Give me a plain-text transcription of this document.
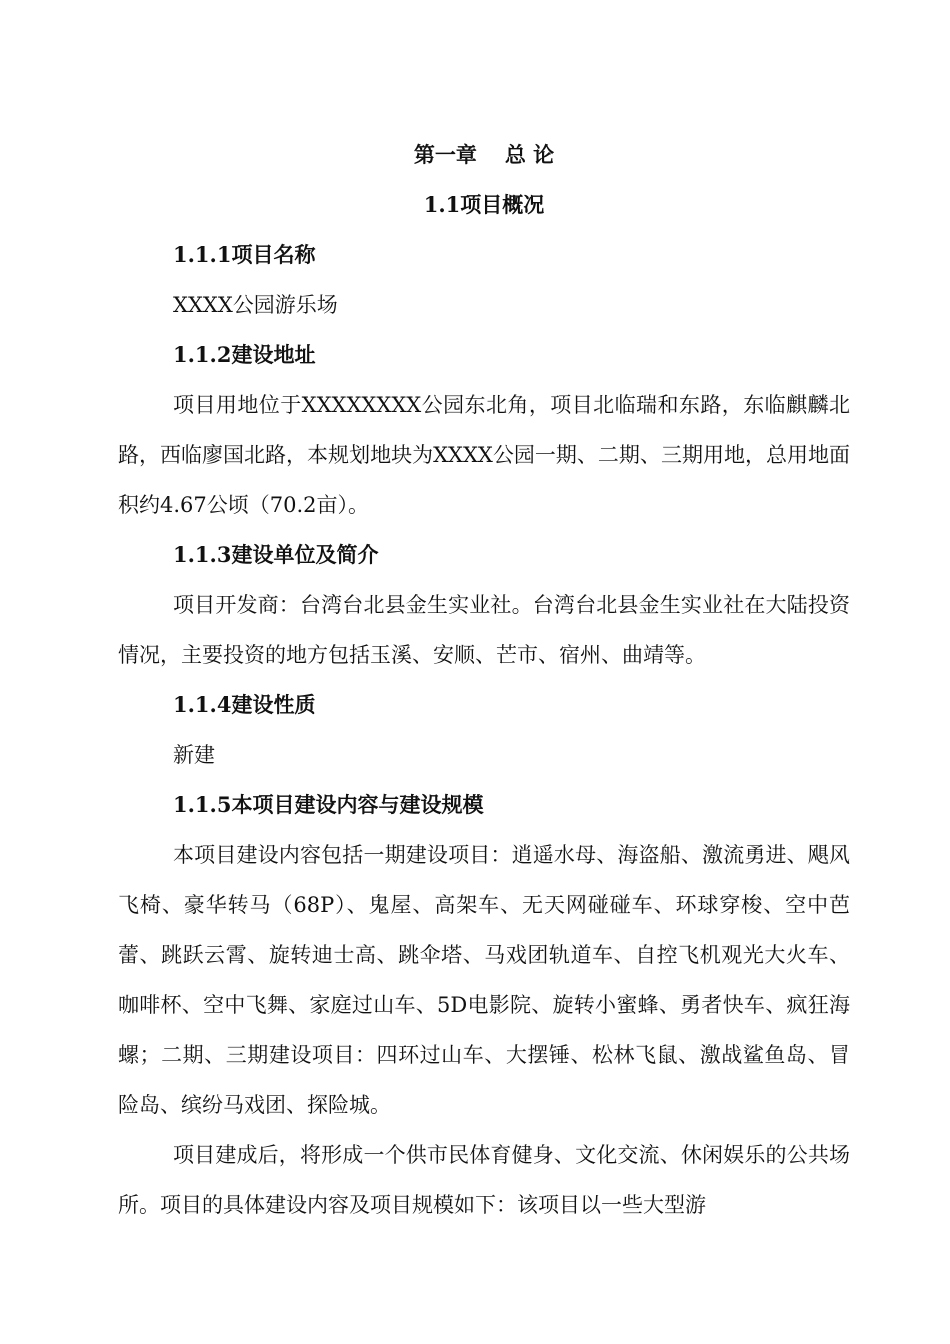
第一章 总 论
1.1项目概况
1.1.1项目名称

XXXX公园游乐场

1.1.2建设地址

项目用地位于XXXXXXXX公园东北角，项目北临瑞和东路，东临麒麟北路，西临廖国北路，本规划地块为XXXX公园一期、二期、三期用地，总用地面积约4.67公顷（70.2亩）。

1.1.3建设单位及简介

项目开发商：台湾台北县金生实业社。台湾台北县金生实业社在大陆投资情况，主要投资的地方包括玉溪、安顺、芒市、宿州、曲靖等。

1.1.4建设性质

新建

1.1.5本项目建设内容与建设规模

本项目建设内容包括一期建设项目：逍遥水母、海盗船、激流勇进、飓风飞椅、豪华转马（68P）、鬼屋、高架车、无天网碰碰车、环球穿梭、空中芭蕾、跳跃云霄、旋转迪士高、跳伞塔、马戏团轨道车、自控飞机观光大火车、咖啡杯、空中飞舞、家庭过山车、5D电影院、旋转小蜜蜂、勇者快车、疯狂海螺；二期、三期建设项目：四环过山车、大摆锤、松林飞鼠、激战鲨鱼岛、冒险岛、缤纷马戏团、探险城。

项目建成后，将形成一个供市民体育健身、文化交流、休闲娱乐的公共场所。项目的具体建设内容及项目规模如下：该项目以一些大型游
